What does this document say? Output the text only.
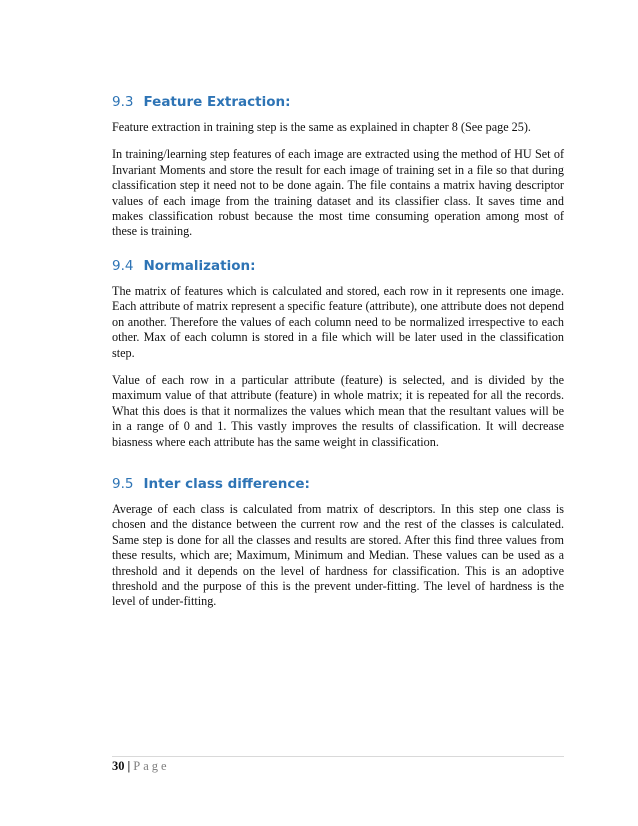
9.3 Feature Extraction:

Feature extraction in training step is the same as explained in chapter 8 (See page 25).

In training/learning step features of each image are extracted using the method of HU Set of Invariant Moments and store the result for each image of training set in a file so that during classification step it need not to be done again. The file contains a matrix having descriptor values of each image from the training dataset and its classifier class. It saves time and makes classification robust because the most time consuming operation among most of these is training.

9.4 Normalization:

The matrix of features which is calculated and stored, each row in it represents one image. Each attribute of matrix represent a specific feature (attribute), one attribute does not depend on another. Therefore the values of each column need to be normalized irrespective to each other. Max of each column is stored in a file which will be later used in the classification step.

Value of each row in a particular attribute (feature) is selected, and is divided by the maximum value of that attribute (feature) in whole matrix; it is repeated for all the records. What this does is that it normalizes the values which mean that the resultant values will be in a range of 0 and 1. This vastly improves the results of classification. It will decrease biasness where each attribute has the same weight in classification.

9.5 Inter class difference:

Average of each class is calculated from matrix of descriptors. In this step one class is chosen and the distance between the current row and the rest of the classes is calculated. Same step is done for all the classes and results are stored. After this find three values from these results, which are; Maximum, Minimum and Median. These values can be used as a threshold and it depends on the level of hardness for classification. This is an adoptive threshold and the purpose of this is the prevent under-fitting. The level of hardness is the level of under-fitting.

30 | Page
